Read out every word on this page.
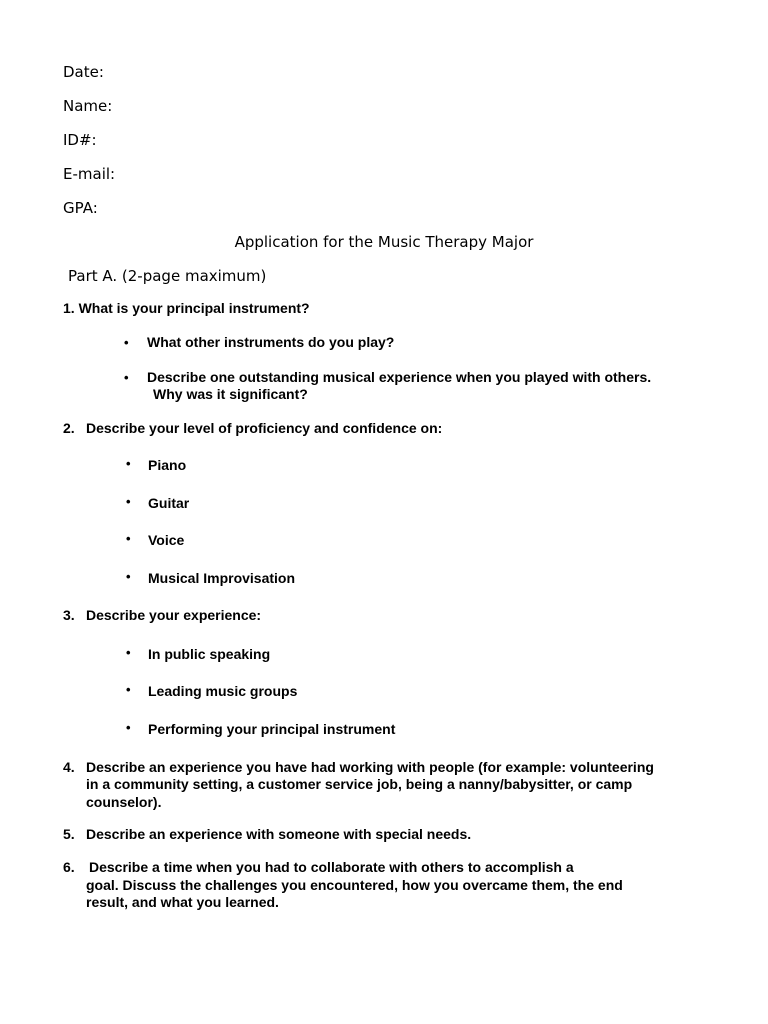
Date:
Name:
ID#:
E-mail:
GPA:
Application for the Music Therapy Major
Part A. (2-page maximum)
1. What is your principal instrument?
• What other instruments do you play?
• Describe one outstanding musical experience when you played with others.
Why was it significant?
2. Describe your level of proficiency and confidence on:
• Piano
• Guitar
• Voice
• Musical Improvisation
3. Describe your experience:
• In public speaking
• Leading music groups
• Performing your principal instrument
4. Describe an experience you have had working with people (for example: volunteering
in a community setting, a customer service job, being a nanny/babysitter, or camp
counselor).
5. Describe an experience with someone with special needs.
6. Describe a time when you had to collaborate with others to accomplish a
goal. Discuss the challenges you encountered, how you overcame them, the end
result, and what you learned.
